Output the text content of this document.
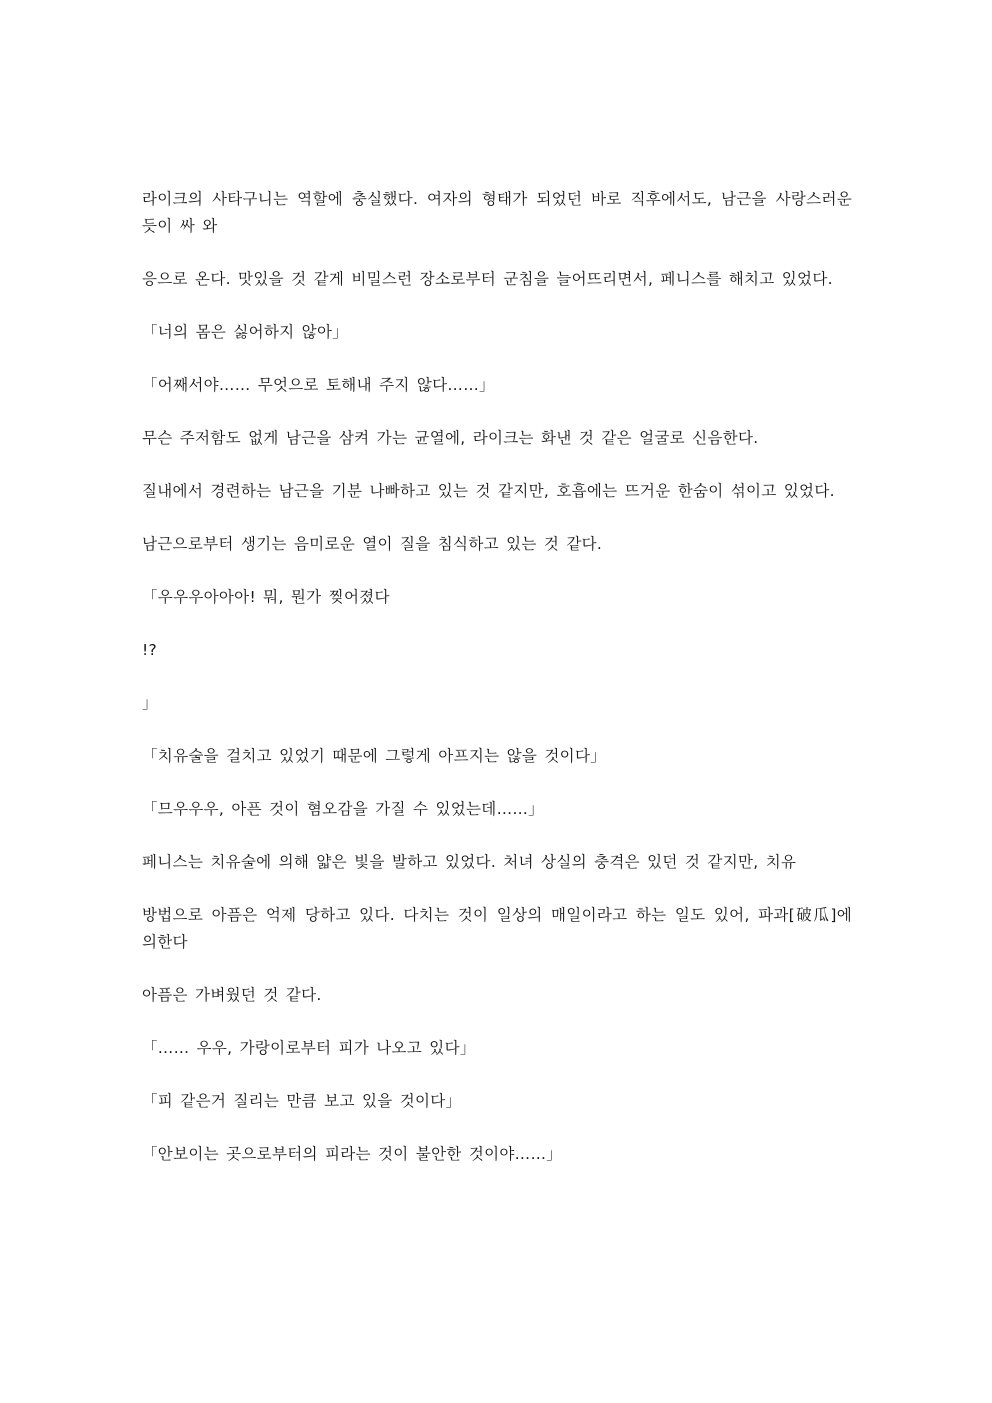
라이크의 사타구니는 역할에 충실했다. 여자의 형태가 되었던 바로 직후에서도, 남근을 사랑스러운 듯이 싸 와

응으로 온다. 맛있을 것 같게 비밀스런 장소로부터 군침을 늘어뜨리면서, 페니스를 해치고 있었다.

「너의 몸은 싫어하지 않아」

「어째서야…… 무엇으로 토해내 주지 않다……」

무슨 주저함도 없게 남근을 삼켜 가는 균열에, 라이크는 화낸 것 같은 얼굴로 신음한다.

질내에서 경련하는 남근을 기분 나빠하고 있는 것 같지만, 호흡에는 뜨거운 한숨이 섞이고 있었다.

남근으로부터 생기는 음미로운 열이 질을 침식하고 있는 것 같다.

「우우우아아아! 뭐, 뭔가 찢어졌다

!?

」

「치유술을 걸치고 있었기 때문에 그렇게 아프지는 않을 것이다」

「므우우우, 아픈 것이 혐오감을 가질 수 있었는데……」

페니스는 치유술에 의해 얇은 빛을 발하고 있었다. 처녀 상실의 충격은 있던 것 같지만, 치유

방법으로 아픔은 억제 당하고 있다. 다치는 것이 일상의 매일이라고 하는 일도 있어, 파과[破瓜]에 의한다

아픔은 가벼웠던 것 같다.

「…… 우우, 가랑이로부터 피가 나오고 있다」

「피 같은거 질리는 만큼 보고 있을 것이다」

「안보이는 곳으로부터의 피라는 것이 불안한 것이야……」
